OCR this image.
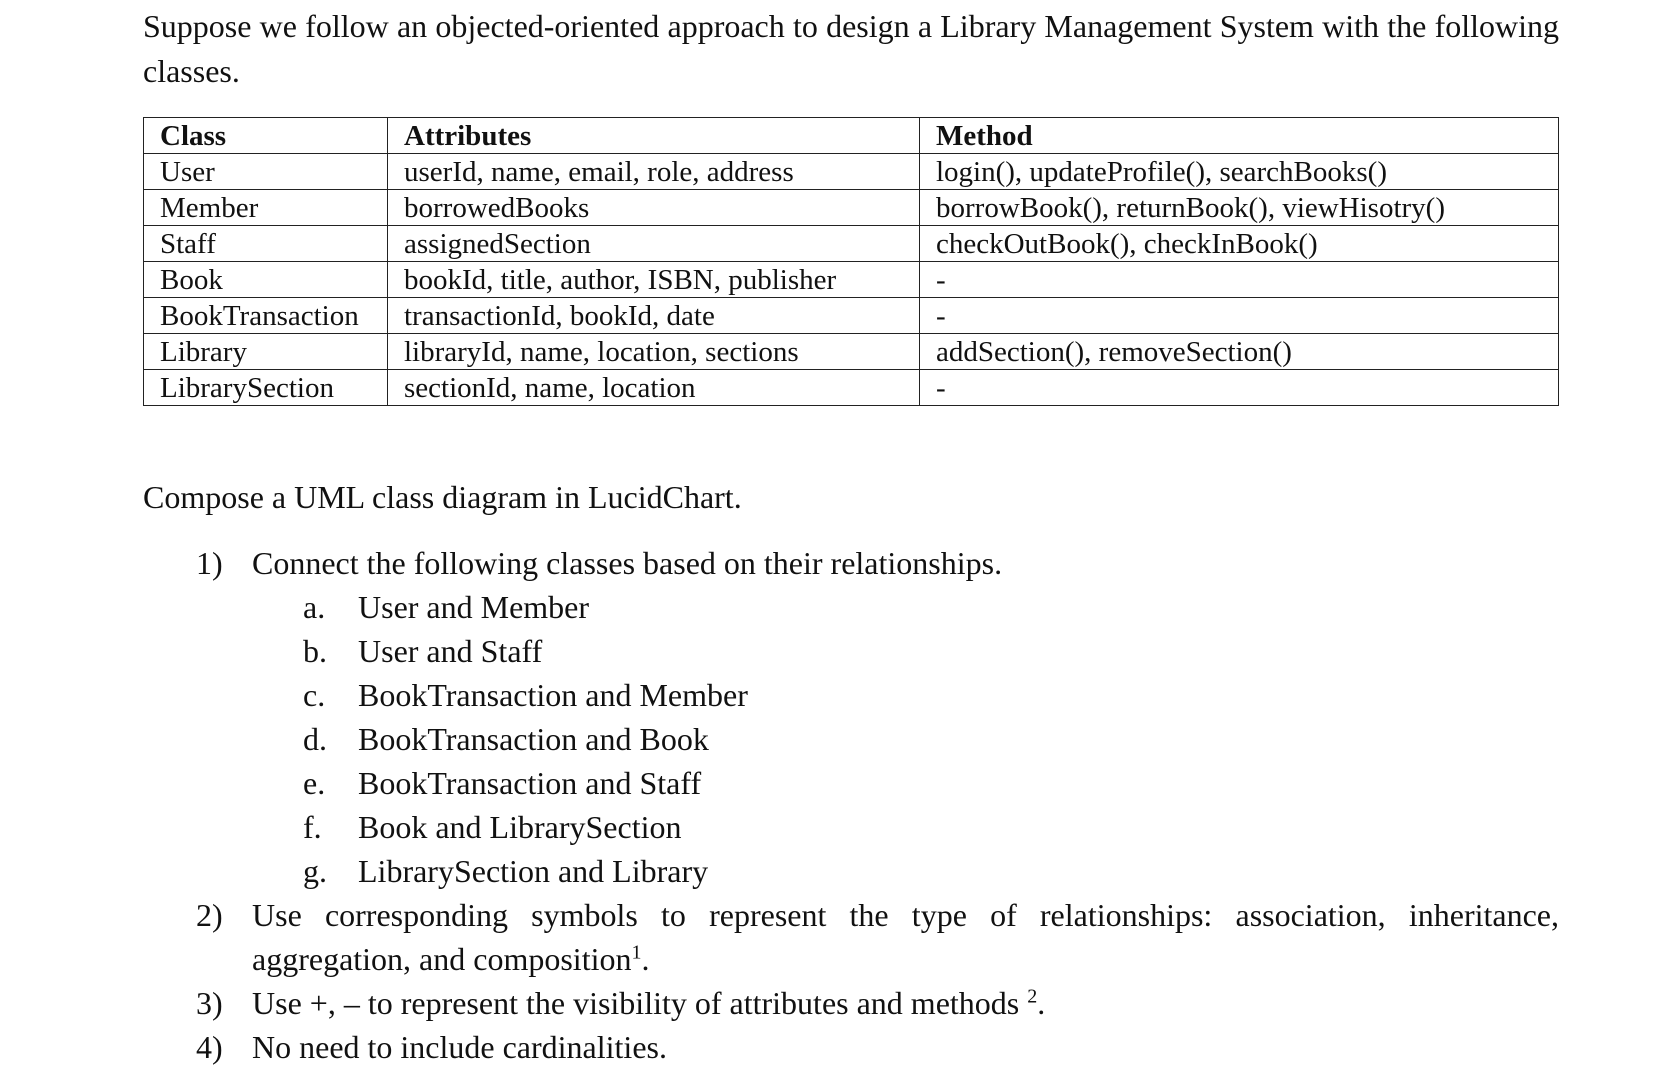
Suppose we follow an objected-oriented approach to design a Library Management System with the following classes.
Class	Attributes	Method
User	userId, name, email, role, address	login(), updateProfile(), searchBooks()
Member	borrowedBooks	borrowBook(), returnBook(), viewHisotry()
Staff	assignedSection	checkOutBook(), checkInBook()
Book	bookId, title, author, ISBN, publisher	-
BookTransaction	transactionId, bookId, date	-
Library	libraryId, name, location, sections	addSection(), removeSection()
LibrarySection	sectionId, name, location	-
Compose a UML class diagram in LucidChart.
1) Connect the following classes based on their relationships.
a. User and Member
b. User and Staff
c. BookTransaction and Member
d. BookTransaction and Book
e. BookTransaction and Staff
f. Book and LibrarySection
g. LibrarySection and Library
2) Use corresponding symbols to represent the type of relationships: association, inheritance, aggregation, and composition$^1$.
3) Use +, – to represent the visibility of attributes and methods $^2$.
4) No need to include cardinalities.
